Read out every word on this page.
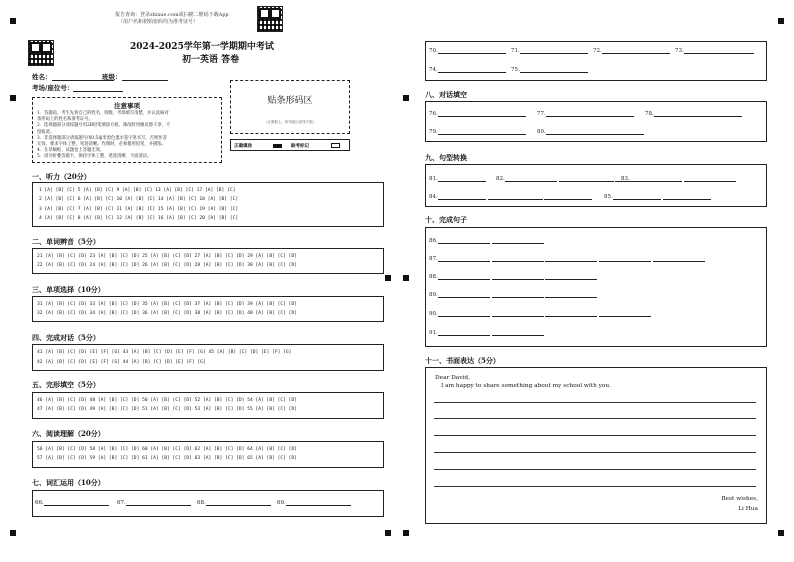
报告查询：登录zhixue.com或扫描二维码下载App
（用户名和初始密码均为准考证号）
2024-2025学年第一学期期中考试
初一英语 答卷
姓名：	班级：
考场/座位号：
注意事项
1．答题前，考生先将自己的姓名、班级、考场填写清楚，并认真核对
条形码上的姓名和准考证号。
2．选择题部分请按题号用2B铅笔填涂方框，修改时用橡皮擦干净，不
留痕迹。
3．非选择题部分请按题号用0.5毫米黑色墨水签字笔书写，否则作答
无效。要求字体工整、笔迹清晰。作图时，必须使用铅笔，并描浓。
4．在草稿纸、试题卷上答题无效。
5．请勿折叠答题卡，保持字体工整、笔迹清晰、卡面清洁。
贴条形码区
（正面朝上，切勿贴出虚线方框）
正确填涂	缺考标记
一、听力（20分）
1 [A] [B] [C] 5 [A] [B] [C] 9 [A] [B] [C] 13 [A] [B] [C] 17 [A] [B] [C]
2 [A] [B] [C] 6 [A] [B] [C] 10 [A] [B] [C] 14 [A] [B] [C] 18 [A] [B] [C]
3 [A] [B] [C] 7 [A] [B] [C] 11 [A] [B] [C] 15 [A] [B] [C] 19 [A] [B] [C]
4 [A] [B] [C] 8 [A] [B] [C] 12 [A] [B] [C] 16 [A] [B] [C] 20 [A] [B] [C]
二、单词辨音（5分）
21 [A] [B] [C] [D] 23 [A] [B] [C] [D] 25 [A] [B] [C] [D] 27 [A] [B] [C] [D] 29 [A] [B] [C] [D]
22 [A] [B] [C] [D] 24 [A] [B] [C] [D] 26 [A] [B] [C] [D] 28 [A] [B] [C] [D] 30 [A] [B] [C] [D]
三、单项选择（10分）
31 [A] [B] [C] [D] 33 [A] [B] [C] [D] 35 [A] [B] [C] [D] 37 [A] [B] [C] [D] 39 [A] [B] [C] [D]
32 [A] [B] [C] [D] 34 [A] [B] [C] [D] 36 [A] [B] [C] [D] 38 [A] [B] [C] [D] 40 [A] [B] [C] [D]
四、完成对话（5分）
41 [A] [B] [C] [D] [E] [F] [G] 43 [A] [B] [C] [D] [E] [F] [G] 45 [A] [B] [C] [D] [E] [F] [G]
42 [A] [B] [C] [D] [E] [F] [G] 44 [A] [B] [C] [D] [E] [F] [G]
五、完形填空（5分）
46 [A] [B] [C] [D] 48 [A] [B] [C] [D] 50 [A] [B] [C] [D] 52 [A] [B] [C] [D] 54 [A] [B] [C] [D]
47 [A] [B] [C] [D] 49 [A] [B] [C] [D] 51 [A] [B] [C] [D] 53 [A] [B] [C] [D] 55 [A] [B] [C] [D]
六、阅读理解（20分）
56 [A] [B] [C] [D] 58 [A] [B] [C] [D] 60 [A] [B] [C] [D] 62 [A] [B] [C] [D] 64 [A] [B] [C] [D]
57 [A] [B] [C] [D] 59 [A] [B] [C] [D] 61 [A] [B] [C] [D] 63 [A] [B] [C] [D] 65 [A] [B] [C] [D]
七、词汇运用（10分）
66.	67.	68.	69.
70.	71.	72.	73.
74.	75.
八、对话填空
76.	77.	78.
79.	80.
九、句型转换
81.	82.	83.
84.	85.
十、完成句子
86.
87.
88.
89.
90.
91.
十一、书面表达（5分）
Dear David,
I am happy to share something about my school with you.
Best wishes,
Li Hua
